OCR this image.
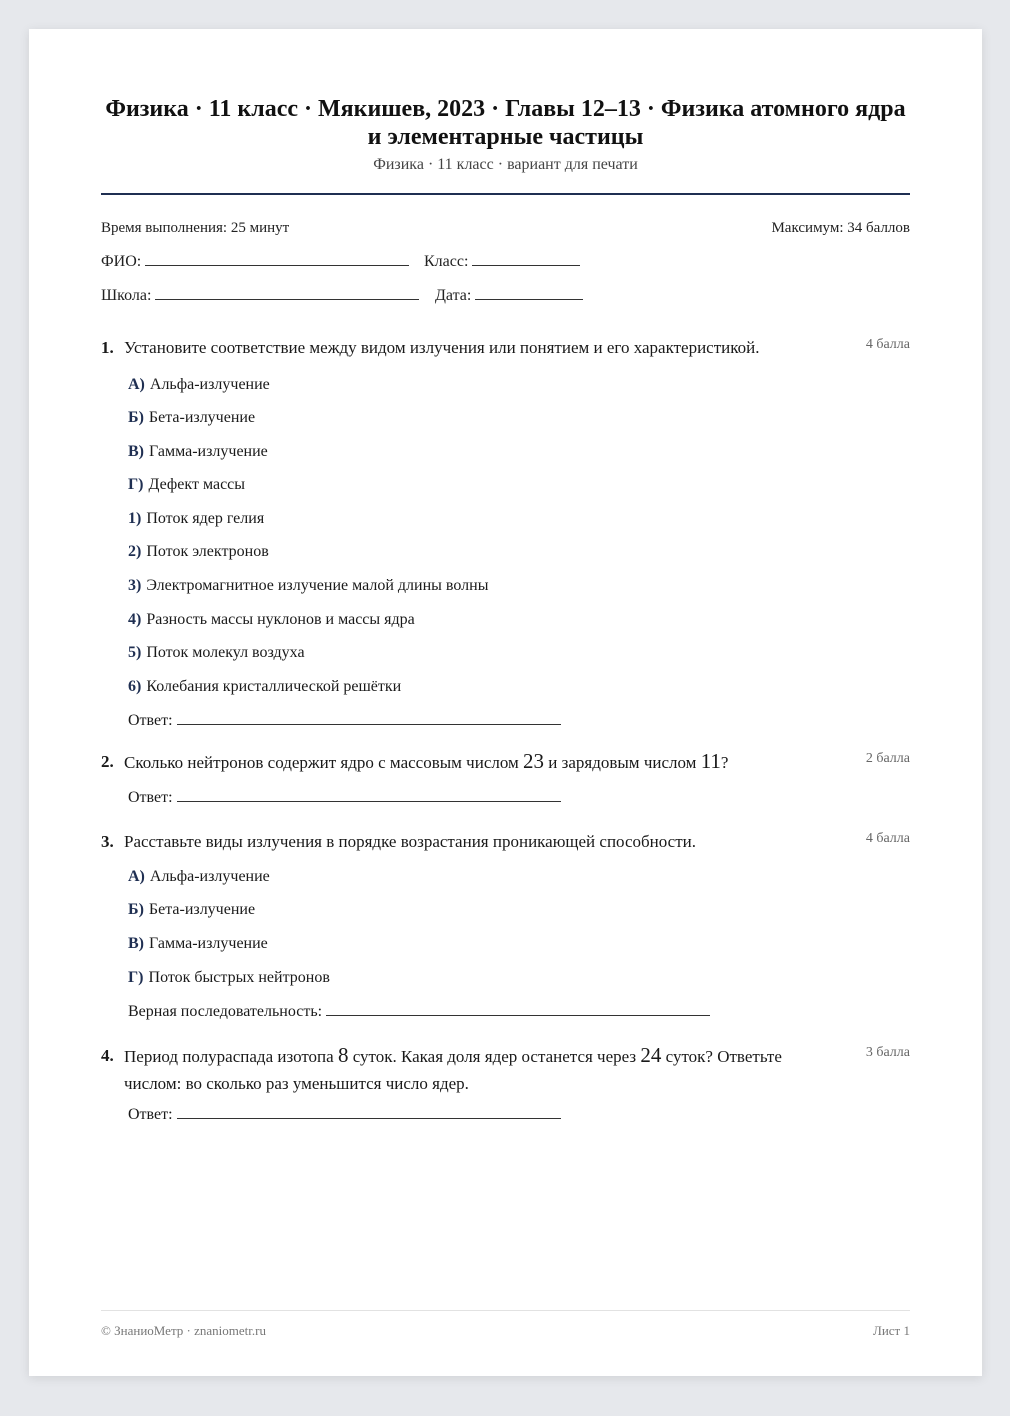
Физика · 11 класс · Мякишев, 2023 · Главы 12–13 · Физика атомного ядра и элементарные частицы
Физика · 11 класс · вариант для печати
Время выполнения: 25 минут	Максимум: 34 баллов
ФИО:	Класс:
Школа:	Дата:
1. Установите соответствие между видом излучения или понятием и его характеристикой.	4 балла
А) Альфа-излучение
Б) Бета-излучение
В) Гамма-излучение
Г) Дефект массы
1) Поток ядер гелия
2) Поток электронов
3) Электромагнитное излучение малой длины волны
4) Разность массы нуклонов и массы ядра
5) Поток молекул воздуха
6) Колебания кристаллической решётки
Ответ:
2. Сколько нейтронов содержит ядро с массовым числом 23 и зарядовым числом 11?	2 балла
Ответ:
3. Расставьте виды излучения в порядке возрастания проникающей способности.	4 балла
А) Альфа-излучение
Б) Бета-излучение
В) Гамма-излучение
Г) Поток быстрых нейтронов
Верная последовательность:
4. Период полураспада изотопа 8 суток. Какая доля ядер останется через 24 суток? Ответьте числом: во сколько раз уменьшится число ядер.
3 балла
Ответ:
© ЗнаниоМетр · znaniometr.ru	Лист 1
